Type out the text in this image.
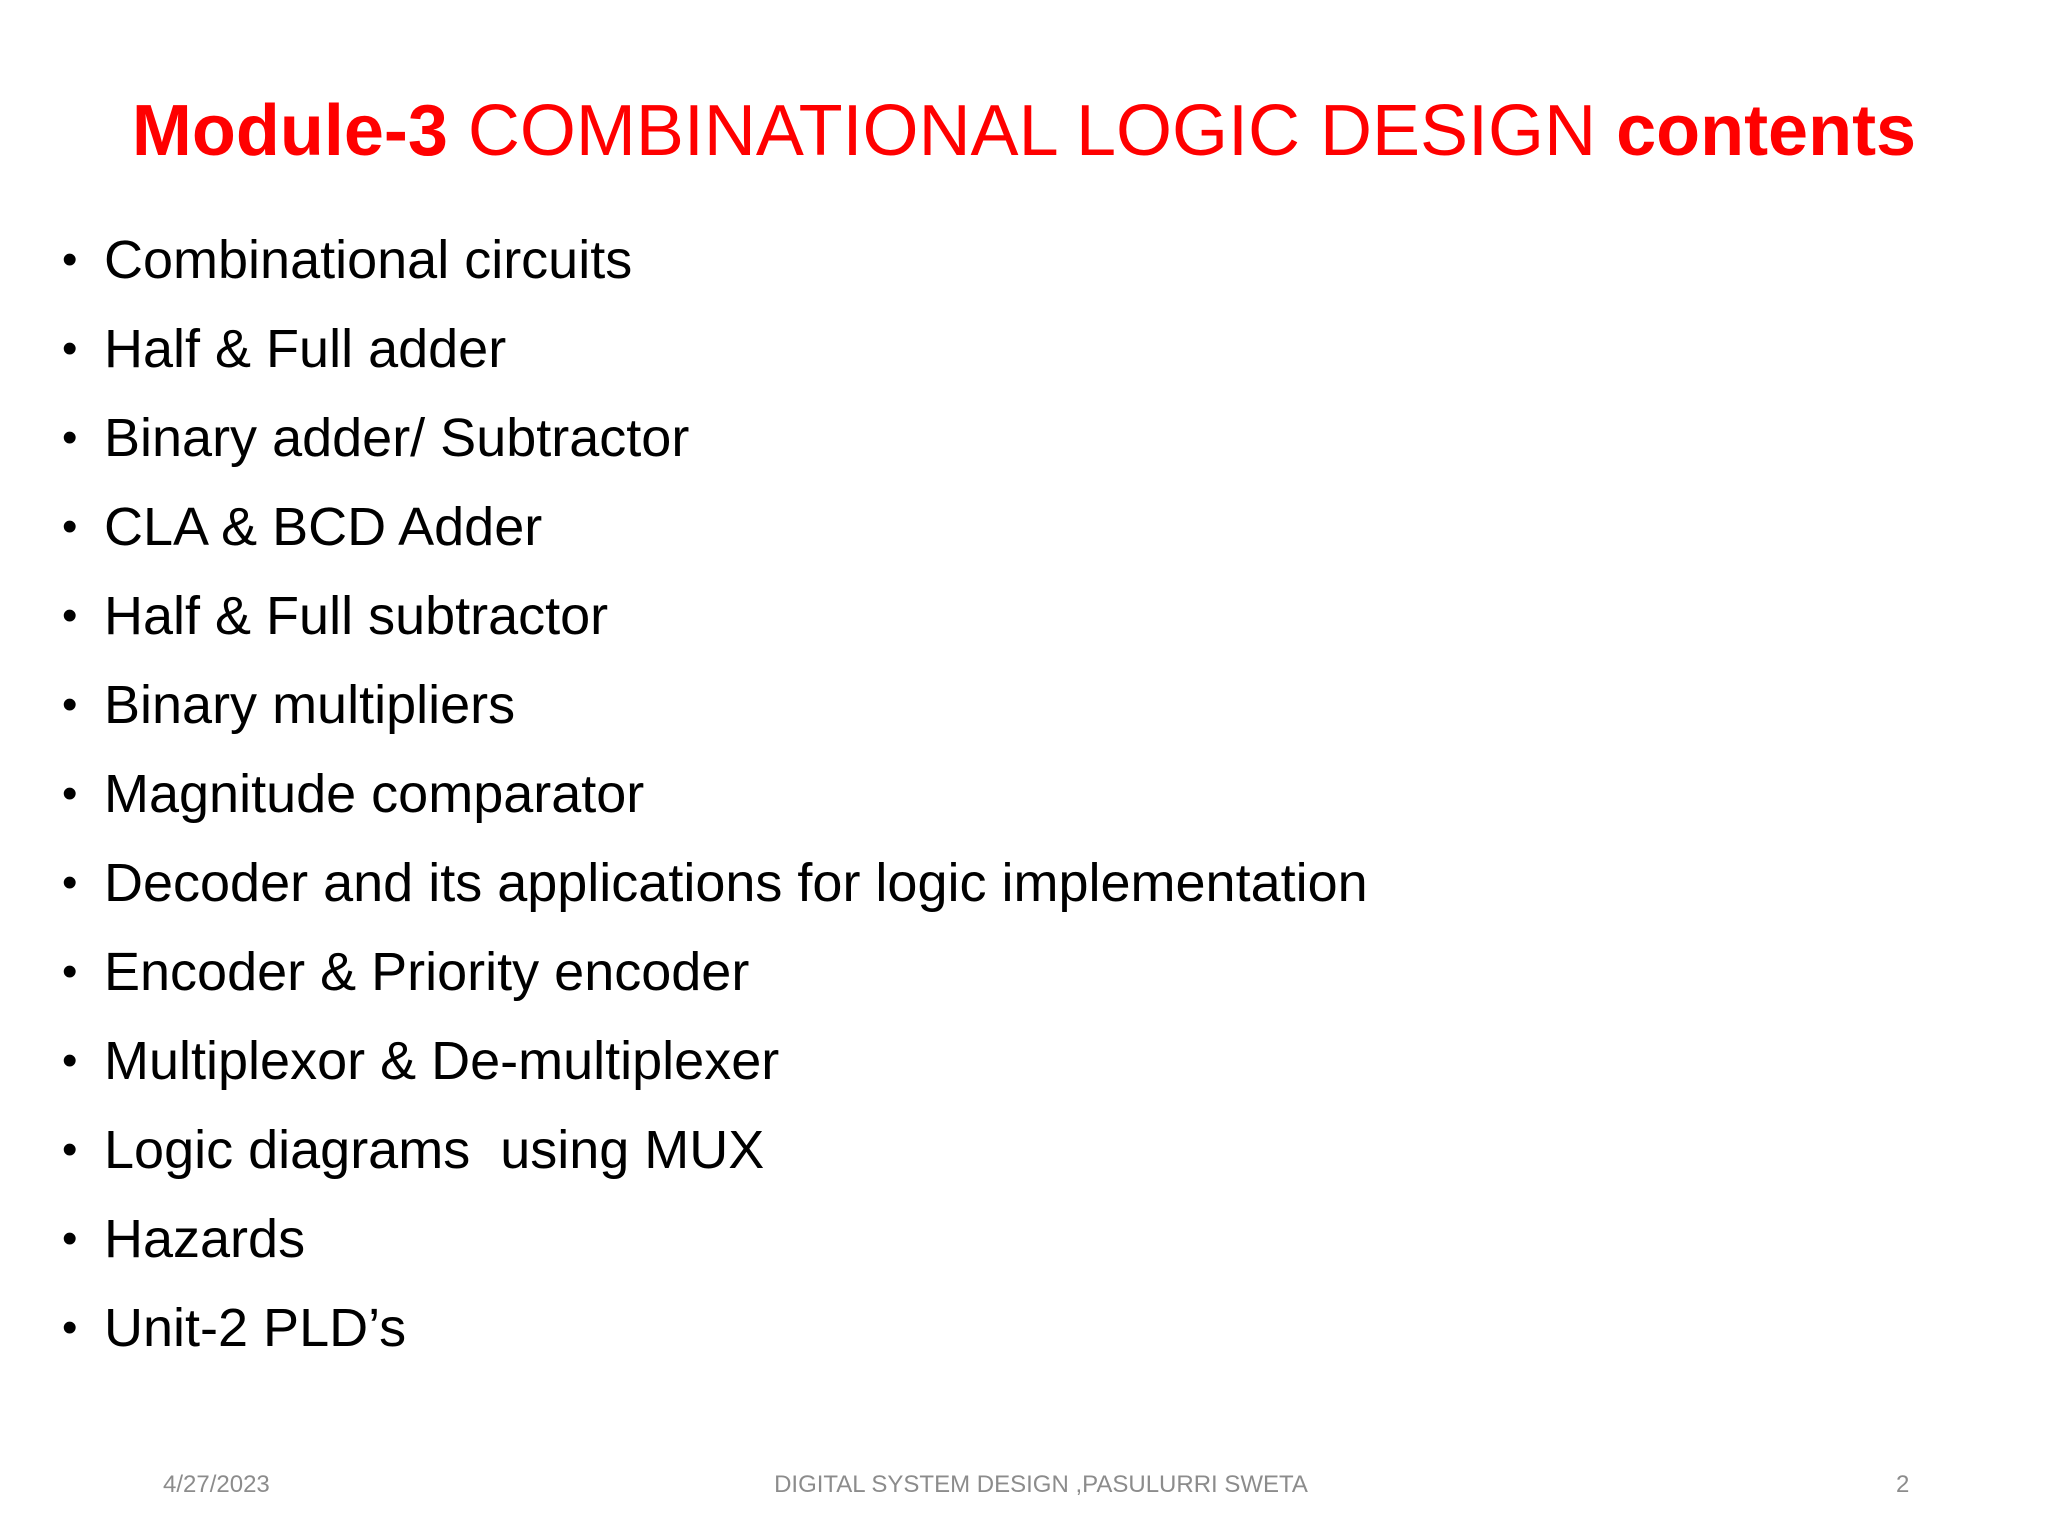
Module-3 COMBINATIONAL LOGIC DESIGN contents
• Combinational circuits
• Half & Full adder
• Binary adder/ Subtractor
• CLA & BCD Adder
• Half & Full subtractor
• Binary multipliers
• Magnitude comparator
• Decoder and its applications for logic implementation
• Encoder & Priority encoder
• Multiplexor & De-multiplexer
• Logic diagrams  using MUX
• Hazards
• Unit-2 PLD’s
4/27/2023	DIGITAL SYSTEM DESIGN ,PASULURRI SWETA	2
